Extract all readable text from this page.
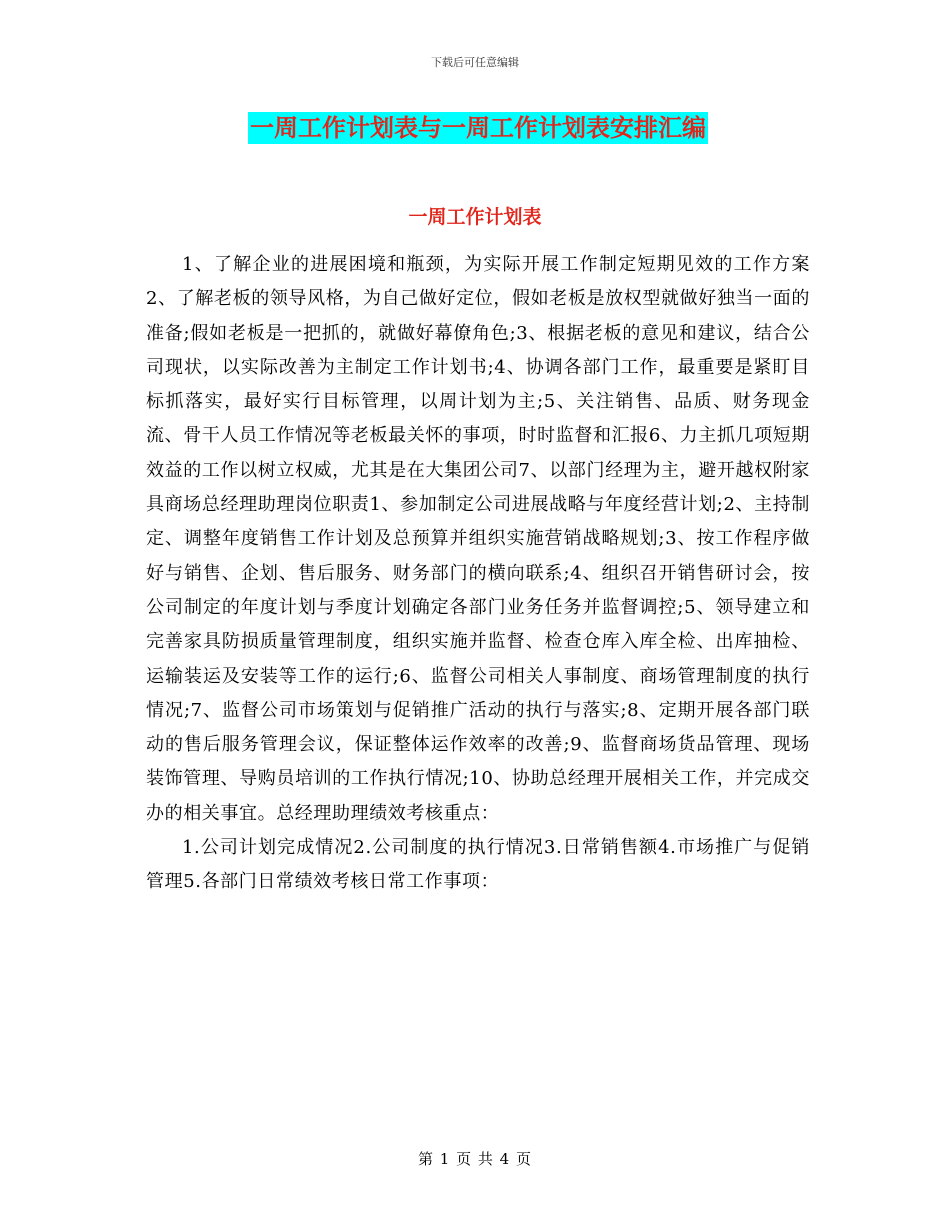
下载后可任意编辑
一周工作计划表与一周工作计划表安排汇编
一周工作计划表

1、了解企业的进展困境和瓶颈，为实际开展工作制定短期见效的工作方案2、了解老板的领导风格，为自己做好定位，假如老板是放权型就做好独当一面的准备;假如老板是一把抓的，就做好幕僚角色;3、根据老板的意见和建议，结合公司现状，以实际改善为主制定工作计划书;4、协调各部门工作，最重要是紧盯目标抓落实，最好实行目标管理，以周计划为主;5、关注销售、品质、财务现金流、骨干人员工作情况等老板最关怀的事项，时时监督和汇报6、力主抓几项短期效益的工作以树立权威，尤其是在大集团公司7、以部门经理为主，避开越权附家具商场总经理助理岗位职责1、参加制定公司进展战略与年度经营计划;2、主持制定、调整年度销售工作计划及总预算并组织实施营销战略规划;3、按工作程序做好与销售、企划、售后服务、财务部门的横向联系;4、组织召开销售研讨会，按公司制定的年度计划与季度计划确定各部门业务任务并监督调控;5、领导建立和完善家具防损质量管理制度，组织实施并监督、检查仓库入库全检、出库抽检、运输装运及安装等工作的运行;6、监督公司相关人事制度、商场管理制度的执行情况;7、监督公司市场策划与促销推广活动的执行与落实;8、定期开展各部门联动的售后服务管理会议，保证整体运作效率的改善;9、监督商场货品管理、现场装饰管理、导购员培训的工作执行情况;10、协助总经理开展相关工作，并完成交办的相关事宜。总经理助理绩效考核重点：

1.公司计划完成情况2.公司制度的执行情况3.日常销售额4.市场推广与促销管理5.各部门日常绩效考核日常工作事项：

第 1 页 共 4 页
